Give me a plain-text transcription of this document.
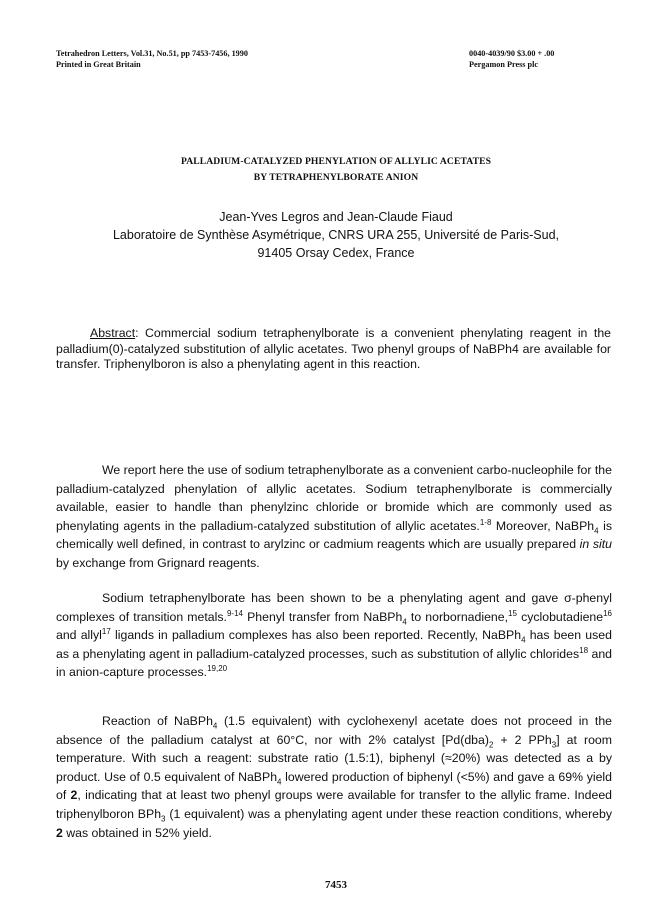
Tetrahedron Letters, Vol.31, No.51, pp 7453-7456, 1990
Printed in Great Britain
0040-4039/90 $3.00 + .00
Pergamon Press plc
PALLADIUM-CATALYZED PHENYLATION OF ALLYLIC ACETATES
BY TETRAPHENYLBORATE ANION
Jean-Yves Legros and Jean-Claude Fiaud
Laboratoire de Synthèse Asymétrique, CNRS URA 255, Université de Paris-Sud,
91405 Orsay Cedex, France
Abstract: Commercial sodium tetraphenylborate is a convenient phenylating reagent in the palladium(0)-catalyzed substitution of allylic acetates. Two phenyl groups of NaBPh4 are available for transfer. Triphenylboron is also a phenylating agent in this reaction.
We report here the use of sodium tetraphenylborate as a convenient carbo-nucleophile for the palladium-catalyzed phenylation of allylic acetates. Sodium tetraphenylborate is commercially available, easier to handle than phenylzinc chloride or bromide which are commonly used as phenylating agents in the palladium-catalyzed substitution of allylic acetates.$^{1-8}$ Moreover, NaBPh$_4$ is chemically well defined, in contrast to arylzinc or cadmium reagents which are usually prepared in situ by exchange from Grignard reagents.
Sodium tetraphenylborate has been shown to be a phenylating agent and gave σ-phenyl complexes of transition metals.$^{9-14}$ Phenyl transfer from NaBPh$_4$ to norbornadiene,$^{15}$ cyclobutadiene$^{16}$ and allyl$^{17}$ ligands in palladium complexes has also been reported. Recently, NaBPh$_4$ has been used as a phenylating agent in palladium-catalyzed processes, such as substitution of allylic chlorides$^{18}$ and in anion-capture processes.$^{19,20}$
Reaction of NaBPh$_4$ (1.5 equivalent) with cyclohexenyl acetate does not proceed in the absence of the palladium catalyst at 60°C, nor with 2% catalyst [$Pd(dba)_2 + 2$ PPh$_3$] at room temperature. With such a reagent: substrate ratio (1.5:1), biphenyl (≈20%) was detected as a by product. Use of 0.5 equivalent of NaBPh$_4$ lowered production of biphenyl (<5%) and gave a 69% yield of 2, indicating that at least two phenyl groups were available for transfer to the allylic frame. Indeed triphenylboron BPh$_3$ (1 equivalent) was a phenylating agent under these reaction conditions, whereby 2 was obtained in 52% yield.
7453
